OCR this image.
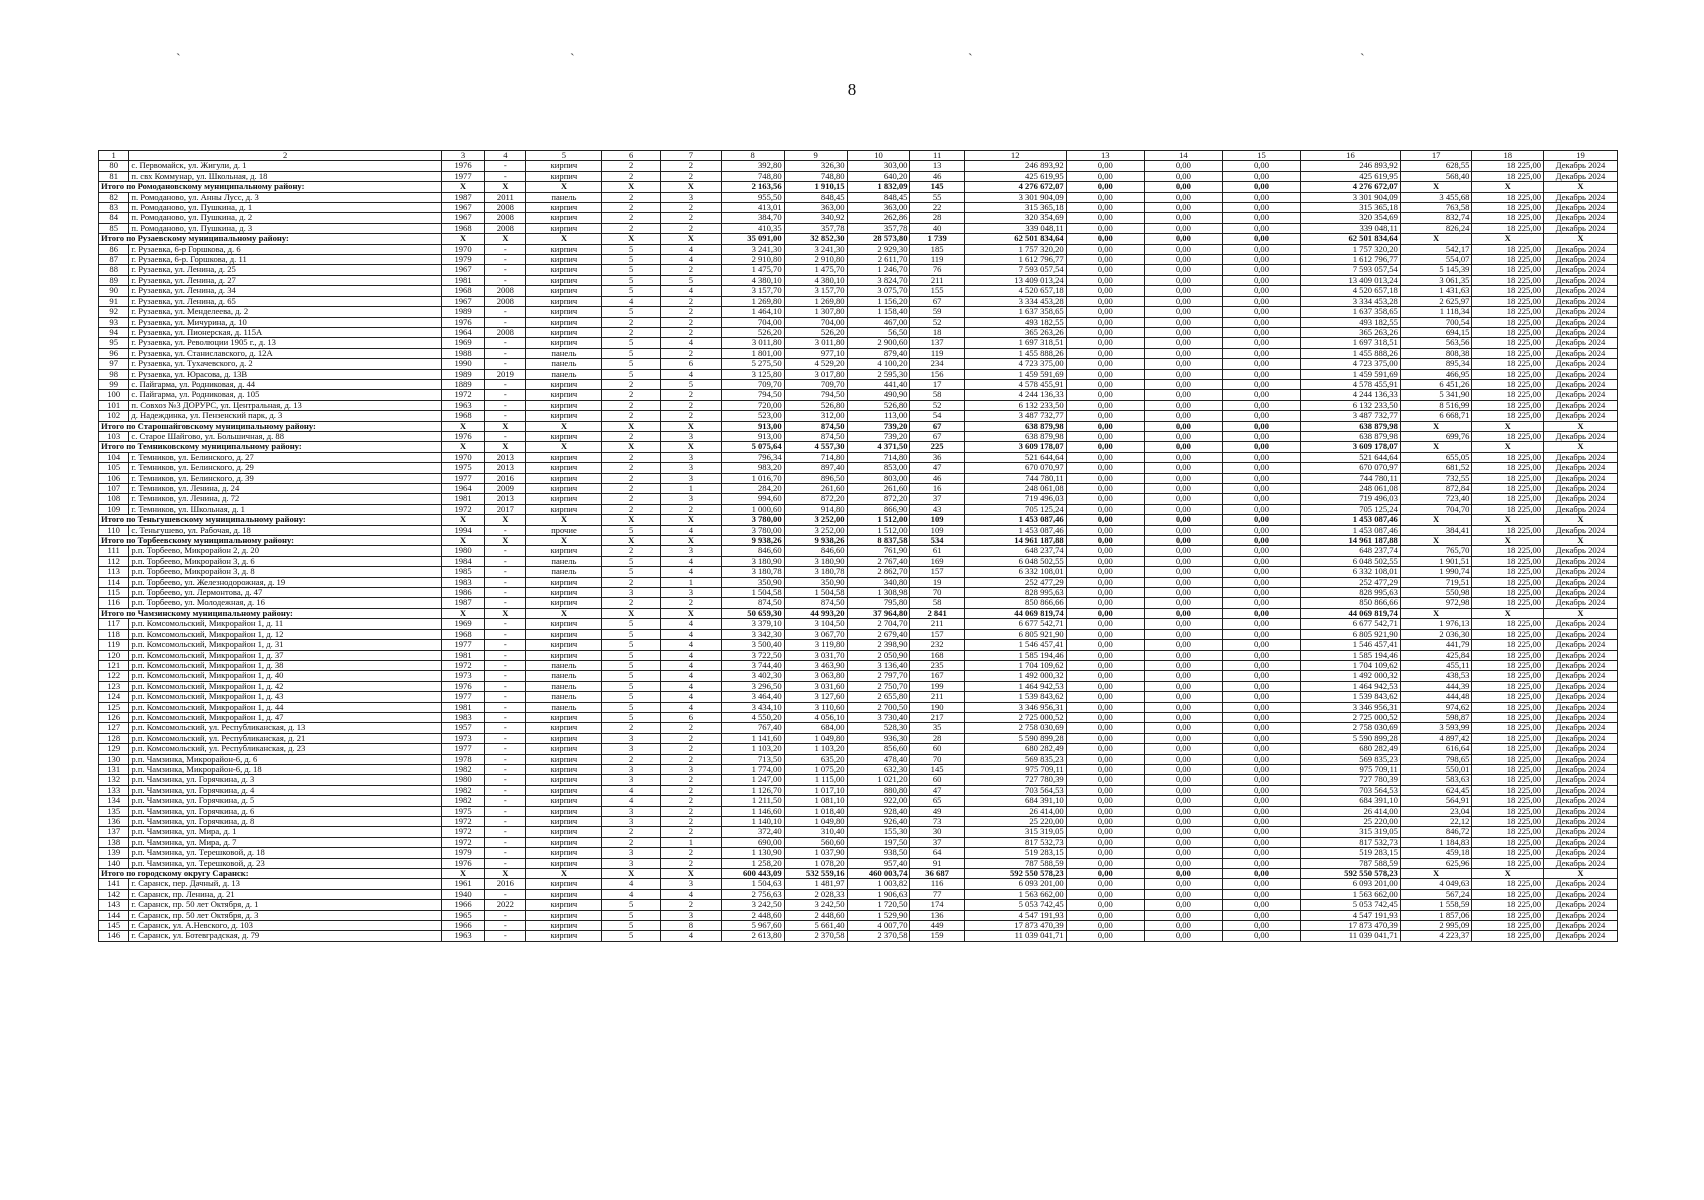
ˋ	ˋ	ˋ	ˋ
8
1	2	3	4	5	6	7	8	9	10	11	12	13	14	15	16	17	18	19
80	с. Первомайск, ул. Жигули, д. 1	1976	-	кирпич	2	2	392,80	326,30	303,00	13	246 893,92	0,00	0,00	0,00	246 893,92	628,55	18 225,00	Декабрь 2024
81	п. свх Коммунар, ул. Школьная, д. 18	1977	-	кирпич	2	2	748,80	748,80	640,20	46	425 619,95	0,00	0,00	0,00	425 619,95	568,40	18 225,00	Декабрь 2024
Итого по Ромодановскому муниципальному району:		X	X	X	X	X	2 163,56	1 910,15	1 832,09	145	4 276 672,07	0,00	0,00	0,00	4 276 672,07	X	X	X
82	п. Ромоданово, ул. Анны Лусс, д. 3	1987	2011	панель	2	3	955,50	848,45	848,45	55	3 301 904,09	0,00	0,00	0,00	3 301 904,09	3 455,68	18 225,00	Декабрь 2024
83	п. Ромоданово, ул. Пушкина, д. 1	1967	2008	кирпич	2	2	413,01	363,00	363,00	22	315 365,18	0,00	0,00	0,00	315 365,18	763,58	18 225,00	Декабрь 2024
84	п. Ромоданово, ул. Пушкина, д. 2	1967	2008	кирпич	2	2	384,70	340,92	262,86	28	320 354,69	0,00	0,00	0,00	320 354,69	832,74	18 225,00	Декабрь 2024
85	п. Ромоданово, ул. Пушкина, д. 3	1968	2008	кирпич	2	2	410,35	357,78	357,78	40	339 048,11	0,00	0,00	0,00	339 048,11	826,24	18 225,00	Декабрь 2024
Итого по Рузаевскому муниципальному району:		X	X	X	X	X	35 091,00	32 852,30	28 573,80	1 739	62 501 834,64	0,00	0,00	0,00	62 501 834,64	X	X	X
86	г. Рузаевка, 6-р Горшкова, д. 6	1970	-	кирпич	5	4	3 241,30	3 241,30	2 929,30	185	1 757 320,20	0,00	0,00	0,00	1 757 320,20	542,17	18 225,00	Декабрь 2024
87	г. Рузаевка, 6-р. Горшкова, д. 11	1979	-	кирпич	5	4	2 910,80	2 910,80	2 611,70	119	1 612 796,77	0,00	0,00	0,00	1 612 796,77	554,07	18 225,00	Декабрь 2024
88	г. Рузаевка, ул. Ленина, д. 25	1967	-	кирпич	5	2	1 475,70	1 475,70	1 246,70	76	7 593 057,54	0,00	0,00	0,00	7 593 057,54	5 145,39	18 225,00	Декабрь 2024
89	г. Рузаевка, ул. Ленина, д. 27	1981	-	кирпич	5	5	4 380,10	4 380,10	3 824,70	211	13 409 013,24	0,00	0,00	0,00	13 409 013,24	3 061,35	18 225,00	Декабрь 2024
90	г. Рузаевка, ул. Ленина, д. 34	1968	2008	кирпич	5	4	3 157,70	3 157,70	3 075,70	155	4 520 657,18	0,00	0,00	0,00	4 520 657,18	1 431,63	18 225,00	Декабрь 2024
91	г. Рузаевка, ул. Ленина, д. 65	1967	2008	кирпич	4	2	1 269,80	1 269,80	1 156,20	67	3 334 453,28	0,00	0,00	0,00	3 334 453,28	2 625,97	18 225,00	Декабрь 2024
92	г. Рузаевка, ул. Менделеева, д. 2	1989	-	кирпич	5	2	1 464,10	1 307,80	1 158,40	59	1 637 358,65	0,00	0,00	0,00	1 637 358,65	1 118,34	18 225,00	Декабрь 2024
93	г. Рузаевка, ул. Мичурина, д. 10	1976	-	кирпич	2	2	704,00	704,00	467,00	52	493 182,55	0,00	0,00	0,00	493 182,55	700,54	18 225,00	Декабрь 2024
94	г. Рузаевка, ул. Пионерская, д. 115А	1964	2008	кирпич	2	2	526,20	526,20	56,50	18	365 263,26	0,00	0,00	0,00	365 263,26	694,15	18 225,00	Декабрь 2024
95	г. Рузаевка, ул. Революции 1905 г., д. 13	1969	-	кирпич	5	4	3 011,80	3 011,80	2 900,60	137	1 697 318,51	0,00	0,00	0,00	1 697 318,51	563,56	18 225,00	Декабрь 2024
96	г. Рузаевка, ул. Станиславского, д. 12А	1988	-	панель	5	2	1 801,00	977,10	879,40	119	1 455 888,26	0,00	0,00	0,00	1 455 888,26	808,38	18 225,00	Декабрь 2024
97	г. Рузаевка, ул. Тухачевского, д. 2	1990	-	панель	5	6	5 275,50	4 529,20	4 100,20	234	4 723 375,00	0,00	0,00	0,00	4 723 375,00	895,34	18 225,00	Декабрь 2024
98	г. Рузаевка, ул. Юрасова, д. 13В	1989	2019	панель	5	4	3 125,80	3 017,80	2 595,30	156	1 459 591,69	0,00	0,00	0,00	1 459 591,69	466,95	18 225,00	Декабрь 2024
99	с. Пайгарма, ул. Родниковая, д. 44	1889	-	кирпич	2	5	709,70	709,70	441,40	17	4 578 455,91	0,00	0,00	0,00	4 578 455,91	6 451,26	18 225,00	Декабрь 2024
100	с. Пайгарма, ул. Родниковая, д. 105	1972	-	кирпич	2	2	794,50	794,50	490,90	58	4 244 136,33	0,00	0,00	0,00	4 244 136,33	5 341,90	18 225,00	Декабрь 2024
101	п. Совхоз №3 ДОРУРС, ул. Центральная, д. 13	1963	-	кирпич	2	2	720,00	526,80	526,80	52	6 132 233,50	0,00	0,00	0,00	6 132 233,50	8 516,99	18 225,00	Декабрь 2024
102	д. Надеждинка, ул. Пензенский парк, д. 3	1968	-	кирпич	2	2	523,00	312,00	113,00	54	3 487 732,77	0,00	0,00	0,00	3 487 732,77	6 668,71	18 225,00	Декабрь 2024
Итого по Старошайговскому муниципальному району:		X	X	X	X	X	913,00	874,50	739,20	67	638 879,98	0,00	0,00	0,00	638 879,98	X	X	X
103	с. Старое Шайгово, ул. Большичная, д. 88	1976	-	кирпич	2	3	913,00	874,50	739,20	67	638 879,98	0,00	0,00	0,00	638 879,98	699,76	18 225,00	Декабрь 2024
Итого по Темниковскому муниципальному району:		X	X	X	X	X	5 075,64	4 557,30	4 371,50	225	3 609 178,07	0,00	0,00	0,00	3 609 178,07	X	X	X
104	г. Темников, ул. Белинского, д. 27	1970	2013	кирпич	2	3	796,34	714,80	714,80	36	521 644,64	0,00	0,00	0,00	521 644,64	655,05	18 225,00	Декабрь 2024
105	г. Темников, ул. Белинского, д. 29	1975	2013	кирпич	2	3	983,20	897,40	853,00	47	670 070,97	0,00	0,00	0,00	670 070,97	681,52	18 225,00	Декабрь 2024
106	г. Темников, ул. Белинского, д. 39	1977	2016	кирпич	2	3	1 016,70	896,50	803,00	46	744 780,11	0,00	0,00	0,00	744 780,11	732,55	18 225,00	Декабрь 2024
107	г. Темников, ул. Ленина, д. 24	1964	2009	кирпич	2	1	284,20	261,60	261,60	16	248 061,08	0,00	0,00	0,00	248 061,08	872,84	18 225,00	Декабрь 2024
108	г. Темников, ул. Ленина, д. 72	1981	2013	кирпич	2	3	994,60	872,20	872,20	37	719 496,03	0,00	0,00	0,00	719 496,03	723,40	18 225,00	Декабрь 2024
109	г. Темников, ул. Школьная, д. 1	1972	2017	кирпич	2	2	1 000,60	914,80	866,90	43	705 125,24	0,00	0,00	0,00	705 125,24	704,70	18 225,00	Декабрь 2024
Итого по Теньгушевскому муниципальному району:		X	X	X	X	X	3 780,00	3 252,00	1 512,00	109	1 453 087,46	0,00	0,00	0,00	1 453 087,46	X	X	X
110	с. Теньгушево, ул. Рабочая, д. 18	1994	-	прочие	5	4	3 780,00	3 252,00	1 512,00	109	1 453 087,46	0,00	0,00	0,00	1 453 087,46	384,41	18 225,00	Декабрь 2024
Итого по Торбеевскому муниципальному району:		X	X	X	X	X	9 938,26	9 938,26	8 837,58	534	14 961 187,88	0,00	0,00	0,00	14 961 187,88	X	X	X
111	р.п. Торбеево, Микрорайон 2, д. 20	1980	-	кирпич	2	3	846,60	846,60	761,90	61	648 237,74	0,00	0,00	0,00	648 237,74	765,70	18 225,00	Декабрь 2024
112	р.п. Торбеево, Микрорайон 3, д. 6	1984	-	панель	5	4	3 180,90	3 180,90	2 767,40	169	6 048 502,55	0,00	0,00	0,00	6 048 502,55	1 901,51	18 225,00	Декабрь 2024
113	р.п. Торбеево, Микрорайон 3, д. 8	1985	-	панель	5	4	3 180,78	3 180,78	2 862,70	157	6 332 108,01	0,00	0,00	0,00	6 332 108,01	1 990,74	18 225,00	Декабрь 2024
114	р.п. Торбеево, ул. Железнодорожная, д. 19	1983	-	кирпич	2	1	350,90	350,90	340,80	19	252 477,29	0,00	0,00	0,00	252 477,29	719,51	18 225,00	Декабрь 2024
115	р.п. Торбеево, ул. Лермонтова, д. 47	1986	-	кирпич	3	3	1 504,58	1 504,58	1 308,98	70	828 995,63	0,00	0,00	0,00	828 995,63	550,98	18 225,00	Декабрь 2024
116	р.п. Торбеево, ул. Молодежная, д. 16	1987	-	кирпич	2	2	874,50	874,50	795,80	58	850 866,66	0,00	0,00	0,00	850 866,66	972,98	18 225,00	Декабрь 2024
Итого по Чамзинскому муниципальному району:		X	X	X	X	X	50 659,30	44 993,20	37 964,80	2 841	44 069 819,74	0,00	0,00	0,00	44 069 819,74	X	X	X
117	р.п. Комсомольский, Микрорайон 1, д. 11	1969	-	кирпич	5	4	3 379,10	3 104,50	2 704,70	211	6 677 542,71	0,00	0,00	0,00	6 677 542,71	1 976,13	18 225,00	Декабрь 2024
118	р.п. Комсомольский, Микрорайон 1, д. 12	1968	-	кирпич	5	4	3 342,30	3 067,70	2 679,40	157	6 805 921,90	0,00	0,00	0,00	6 805 921,90	2 036,30	18 225,00	Декабрь 2024
119	р.п. Комсомольский, Микрорайон 1, д. 31	1977	-	кирпич	5	4	3 500,40	3 119,80	2 398,90	232	1 546 457,41	0,00	0,00	0,00	1 546 457,41	441,79	18 225,00	Декабрь 2024
120	р.п. Комсомольский, Микрорайон 1, д. 37	1981	-	кирпич	5	4	3 722,50	3 031,70	2 050,90	168	1 585 194,46	0,00	0,00	0,00	1 585 194,46	425,84	18 225,00	Декабрь 2024
121	р.п. Комсомольский, Микрорайон 1, д. 38	1972	-	панель	5	4	3 744,40	3 463,90	3 136,40	235	1 704 109,62	0,00	0,00	0,00	1 704 109,62	455,11	18 225,00	Декабрь 2024
122	р.п. Комсомольский, Микрорайон 1, д. 40	1973	-	панель	5	4	3 402,30	3 063,80	2 797,70	167	1 492 000,32	0,00	0,00	0,00	1 492 000,32	438,53	18 225,00	Декабрь 2024
123	р.п. Комсомольский, Микрорайон 1, д. 42	1976	-	панель	5	4	3 296,50	3 031,60	2 750,70	199	1 464 942,53	0,00	0,00	0,00	1 464 942,53	444,39	18 225,00	Декабрь 2024
124	р.п. Комсомольский, Микрорайон 1, д. 43	1977	-	панель	5	4	3 464,40	3 127,60	2 655,80	211	1 539 843,62	0,00	0,00	0,00	1 539 843,62	444,48	18 225,00	Декабрь 2024
125	р.п. Комсомольский, Микрорайон 1, д. 44	1981	-	панель	5	4	3 434,10	3 110,60	2 700,50	190	3 346 956,31	0,00	0,00	0,00	3 346 956,31	974,62	18 225,00	Декабрь 2024
126	р.п. Комсомольский, Микрорайон 1, д. 47	1983	-	кирпич	5	6	4 550,20	4 056,10	3 730,40	217	2 725 000,52	0,00	0,00	0,00	2 725 000,52	598,87	18 225,00	Декабрь 2024
127	р.п. Комсомольский, ул. Республиканская, д. 13	1957	-	кирпич	2	2	767,40	684,00	528,30	35	2 758 030,69	0,00	0,00	0,00	2 758 030,69	3 593,99	18 225,00	Декабрь 2024
128	р.п. Комсомольский, ул. Республиканская, д. 21	1973	-	кирпич	3	2	1 141,60	1 049,80	936,30	28	5 590 899,28	0,00	0,00	0,00	5 590 899,28	4 897,42	18 225,00	Декабрь 2024
129	р.п. Комсомольский, ул. Республиканская, д. 23	1977	-	кирпич	3	2	1 103,20	1 103,20	856,60	60	680 282,49	0,00	0,00	0,00	680 282,49	616,64	18 225,00	Декабрь 2024
130	р.п. Чамзинка, Микрорайон-6, д. 6	1978	-	кирпич	2	2	713,50	635,20	478,40	70	569 835,23	0,00	0,00	0,00	569 835,23	798,65	18 225,00	Декабрь 2024
131	р.п. Чамзинка, Микрорайон-6, д. 18	1982	-	кирпич	3	3	1 774,00	1 075,20	632,30	145	975 709,11	0,00	0,00	0,00	975 709,11	550,01	18 225,00	Декабрь 2024
132	р.п. Чамзинка, ул. Горячкина, д. 3	1980	-	кирпич	3	2	1 247,00	1 115,00	1 021,20	60	727 780,39	0,00	0,00	0,00	727 780,39	583,63	18 225,00	Декабрь 2024
133	р.п. Чамзинка, ул. Горячкина, д. 4	1982	-	кирпич	4	2	1 126,70	1 017,10	880,80	47	703 564,53	0,00	0,00	0,00	703 564,53	624,45	18 225,00	Декабрь 2024
134	р.п. Чамзинка, ул. Горячкина, д. 5	1982	-	кирпич	4	2	1 211,50	1 081,10	922,00	65	684 391,10	0,00	0,00	0,00	684 391,10	564,91	18 225,00	Декабрь 2024
135	р.п. Чамзинка, ул. Горячкина, д. 6	1975	-	кирпич	3	2	1 146,60	1 018,40	928,40	49	26 414,00	0,00	0,00	0,00	26 414,00	23,04	18 225,00	Декабрь 2024
136	р.п. Чамзинка, ул. Горячкина, д. 8	1972	-	кирпич	3	2	1 140,10	1 049,80	926,40	73	25 220,00	0,00	0,00	0,00	25 220,00	22,12	18 225,00	Декабрь 2024
137	р.п. Чамзинка, ул. Мира, д. 1	1972	-	кирпич	2	2	372,40	310,40	155,30	30	315 319,05	0,00	0,00	0,00	315 319,05	846,72	18 225,00	Декабрь 2024
138	р.п. Чамзинка, ул. Мира, д. 7	1972	-	кирпич	2	1	690,00	560,60	197,50	37	817 532,73	0,00	0,00	0,00	817 532,73	1 184,83	18 225,00	Декабрь 2024
139	р.п. Чамзинка, ул. Терешковой, д. 18	1979	-	кирпич	3	2	1 130,90	1 037,90	938,50	64	519 283,15	0,00	0,00	0,00	519 283,15	459,18	18 225,00	Декабрь 2024
140	р.п. Чамзинка, ул. Терешковой, д. 23	1976	-	кирпич	3	2	1 258,20	1 078,20	957,40	91	787 588,59	0,00	0,00	0,00	787 588,59	625,96	18 225,00	Декабрь 2024
Итого по городскому округу Саранск:		X	X	X	X	X	600 443,09	532 559,16	460 003,74	36 687	592 550 578,23	0,00	0,00	0,00	592 550 578,23	X	X	X
141	г. Саранск, пер. Дачный, д. 13	1961	2016	кирпич	4	3	1 504,63	1 481,97	1 003,82	116	6 093 201,00	0,00	0,00	0,00	6 093 201,00	4 049,63	18 225,00	Декабрь 2024
142	г. Саранск, пр. Ленина, д. 21	1940	-	кирпич	4	4	2 756,63	2 028,33	1 906,63	77	1 563 662,00	0,00	0,00	0,00	1 563 662,00	567,24	18 225,00	Декабрь 2024
143	г. Саранск, пр. 50 лет Октября, д. 1	1966	2022	кирпич	5	2	3 242,50	3 242,50	1 720,50	174	5 053 742,45	0,00	0,00	0,00	5 053 742,45	1 558,59	18 225,00	Декабрь 2024
144	г. Саранск, пр. 50 лет Октября, д. 3	1965	-	кирпич	5	3	2 448,60	2 448,60	1 529,90	136	4 547 191,93	0,00	0,00	0,00	4 547 191,93	1 857,06	18 225,00	Декабрь 2024
145	г. Саранск, ул. А.Невского, д. 103	1966	-	кирпич	5	8	5 967,60	5 661,40	4 007,70	449	17 873 470,39	0,00	0,00	0,00	17 873 470,39	2 995,09	18 225,00	Декабрь 2024
146	г. Саранск, ул. Ботевградская, д. 79	1963	-	кирпич	5	4	2 613,80	2 370,58	2 370,58	159	11 039 041,71	0,00	0,00	0,00	11 039 041,71	4 223,37	18 225,00	Декабрь 2024
